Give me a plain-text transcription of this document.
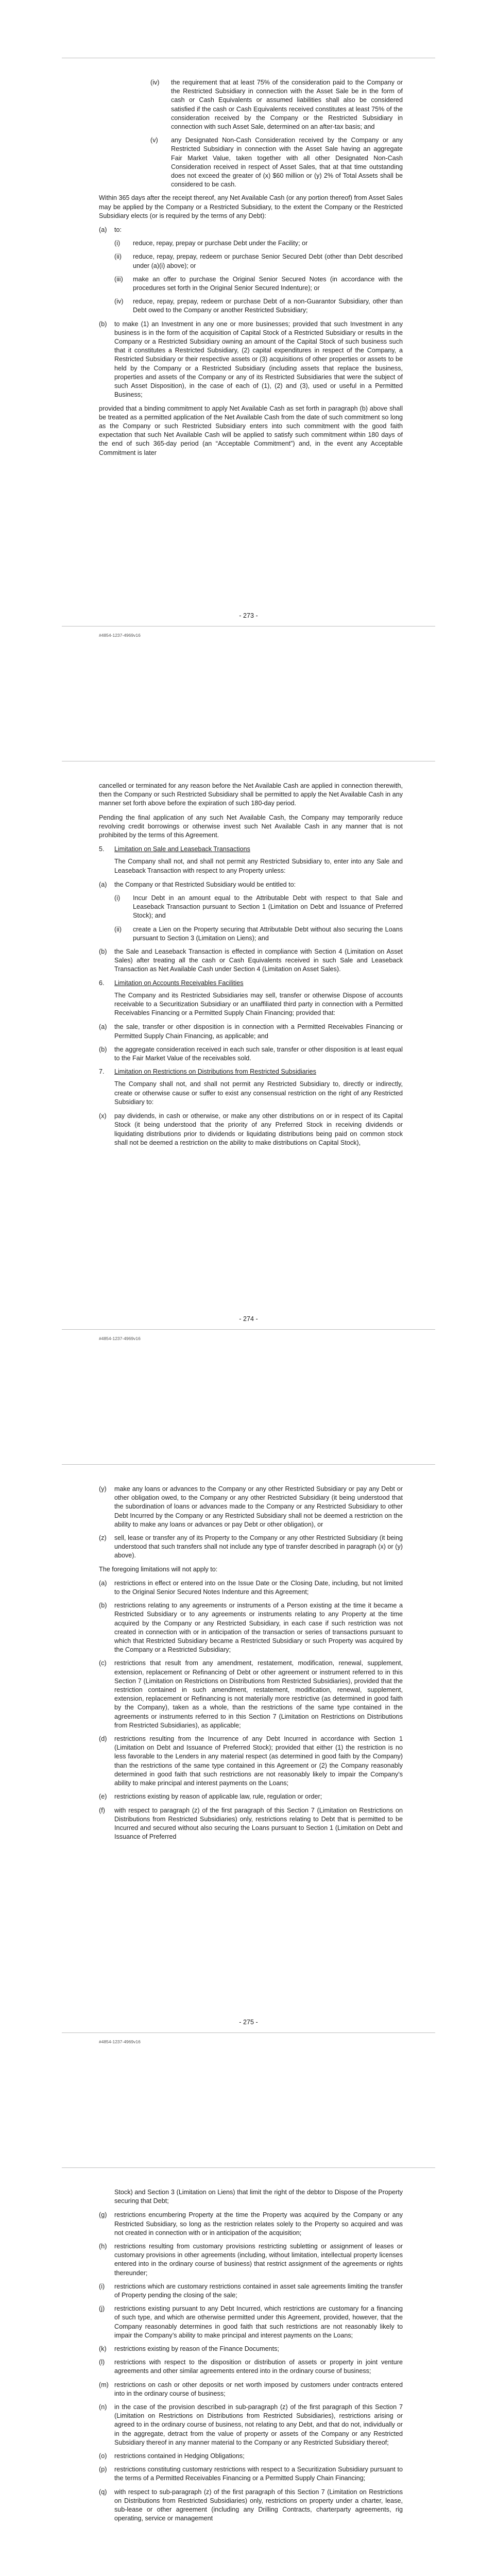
(iv)	the requirement that at least 75% of the consideration paid to the Company or the Restricted Subsidiary in connection with the Asset Sale be in the form of cash or Cash Equivalents or assumed liabilities shall also be considered satisfied if the cash or Cash Equivalents received constitutes at least 75% of the consideration received by the Company or the Restricted Subsidiary in connection with such Asset Sale, determined on an after-tax basis; and
(v)	any Designated Non-Cash Consideration received by the Company or any Restricted Subsidiary in connection with the Asset Sale having an aggregate Fair Market Value, taken together with all other Designated Non-Cash Consideration received in respect of Asset Sales, that at that time outstanding does not exceed the greater of (x) $60 million or (y) 2% of Total Assets shall be considered to be cash.

Within 365 days after the receipt thereof, any Net Available Cash (or any portion thereof) from Asset Sales may be applied by the Company or a Restricted Subsidiary, to the extent the Company or the Restricted Subsidiary elects (or is required by the terms of any Debt):

(a)	to:
(i)	reduce, repay, prepay or purchase Debt under the Facility; or
(ii)	reduce, repay, prepay, redeem or purchase Senior Secured Debt (other than Debt described under (a)(i) above); or
(iii)	make an offer to purchase the Original Senior Secured Notes (in accordance with the procedures set forth in the Original Senior Secured Indenture); or
(iv)	reduce, repay, prepay, redeem or purchase Debt of a non-Guarantor Subsidiary, other than Debt owed to the Company or another Restricted Subsidiary;
(b)	to make (1) an Investment in any one or more businesses; provided that such Investment in any business is in the form of the acquisition of Capital Stock of a Restricted Subsidiary or results in the Company or a Restricted Subsidiary owning an amount of the Capital Stock of such business such that it constitutes a Restricted Subsidiary, (2) capital expenditures in respect of the Company, a Restricted Subsidiary or their respective assets or (3) acquisitions of other properties or assets to be held by the Company or a Restricted Subsidiary (including assets that replace the business, properties and assets of the Company or any of its Restricted Subsidiaries that were the subject of such Asset Disposition), in the case of each of (1), (2) and (3), used or useful in a Permitted Business;

provided that a binding commitment to apply Net Available Cash as set forth in paragraph (b) above shall be treated as a permitted application of the Net Available Cash from the date of such commitment so long as the Company or such Restricted Subsidiary enters into such commitment with the good faith expectation that such Net Available Cash will be applied to satisfy such commitment within 180 days of the end of such 365-day period (an “Acceptable Commitment”) and, in the event any Acceptable Commitment is later

- 273 -
#4854-1237-4969v16

cancelled or terminated for any reason before the Net Available Cash are applied in connection therewith, then the Company or such Restricted Subsidiary shall be permitted to apply the Net Available Cash in any manner set forth above before the expiration of such 180-day period.

Pending the final application of any such Net Available Cash, the Company may temporarily reduce revolving credit borrowings or otherwise invest such Net Available Cash in any manner that is not prohibited by the terms of this Agreement.

5.	Limitation on Sale and Leaseback Transactions

The Company shall not, and shall not permit any Restricted Subsidiary to, enter into any Sale and Leaseback Transaction with respect to any Property unless:

(a)	the Company or that Restricted Subsidiary would be entitled to:
(i)	Incur Debt in an amount equal to the Attributable Debt with respect to that Sale and Leaseback Transaction pursuant to Section 1 (Limitation on Debt and Issuance of Preferred Stock); and
(ii)	create a Lien on the Property securing that Attributable Debt without also securing the Loans pursuant to Section 3 (Limitation on Liens); and
(b)	the Sale and Leaseback Transaction is effected in compliance with Section 4 (Limitation on Asset Sales) after treating all the cash or Cash Equivalents received in such Sale and Leaseback Transaction as Net Available Cash under Section 4 (Limitation on Asset Sales).
6.	Limitation on Accounts Receivables Facilities

The Company and its Restricted Subsidiaries may sell, transfer or otherwise Dispose of accounts receivable to a Securitization Subsidiary or an unaffiliated third party in connection with a Permitted Receivables Financing or a Permitted Supply Chain Financing; provided that:

(a)	the sale, transfer or other disposition is in connection with a Permitted Receivables Financing or Permitted Supply Chain Financing, as applicable; and
(b)	the aggregate consideration received in each such sale, transfer or other disposition is at least equal to the Fair Market Value of the receivables sold.
7.	Limitation on Restrictions on Distributions from Restricted Subsidiaries

The Company shall not, and shall not permit any Restricted Subsidiary to, directly or indirectly, create or otherwise cause or suffer to exist any consensual restriction on the right of any Restricted Subsidiary to:

(x)	pay dividends, in cash or otherwise, or make any other distributions on or in respect of its Capital Stock (it being understood that the priority of any Preferred Stock in receiving dividends or liquidating distributions prior to dividends or liquidating distributions being paid on common stock shall not be deemed a restriction on the ability to make distributions on Capital Stock),
- 274 -
#4854-1237-4969v16
(y)	make any loans or advances to the Company or any other Restricted Subsidiary or pay any Debt or other obligation owed, to the Company or any other Restricted Subsidiary (it being understood that the subordination of loans or advances made to the Company or any Restricted Subsidiary to other Debt Incurred by the Company or any Restricted Subsidiary shall not be deemed a restriction on the ability to make any loans or advances or pay Debt or other obligation), or
(z)	sell, lease or transfer any of its Property to the Company or any other Restricted Subsidiary (it being understood that such transfers shall not include any type of transfer described in paragraph (x) or (y) above).

The foregoing limitations will not apply to:

(a)	restrictions in effect or entered into on the Issue Date or the Closing Date, including, but not limited to the Original Senior Secured Notes Indenture and this Agreement;
(b)	restrictions relating to any agreements or instruments of a Person existing at the time it became a Restricted Subsidiary or to any agreements or instruments relating to any Property at the time acquired by the Company or any Restricted Subsidiary, in each case if such restriction was not created in connection with or in anticipation of the transaction or series of transactions pursuant to which that Restricted Subsidiary became a Restricted Subsidiary or such Property was acquired by the Company or a Restricted Subsidiary;
(c)	restrictions that result from any amendment, restatement, modification, renewal, supplement, extension, replacement or Refinancing of Debt or other agreement or instrument referred to in this Section 7 (Limitation on Restrictions on Distributions from Restricted Subsidiaries), provided that the restriction contained in such amendment, restatement, modification, renewal, supplement, extension, replacement or Refinancing is not materially more restrictive (as determined in good faith by the Company), taken as a whole, than the restrictions of the same type contained in the agreements or instruments referred to in this Section 7 (Limitation on Restrictions on Distributions from Restricted Subsidiaries), as applicable;
(d)	restrictions resulting from the Incurrence of any Debt Incurred in accordance with Section 1 (Limitation on Debt and Issuance of Preferred Stock); provided that either (1) the restriction is no less favorable to the Lenders in any material respect (as determined in good faith by the Company) than the restrictions of the same type contained in this Agreement or (2) the Company reasonably determined in good faith that such restrictions are not reasonably likely to impair the Company’s ability to make principal and interest payments on the Loans;
(e)	restrictions existing by reason of applicable law, rule, regulation or order;
(f)	with respect to paragraph (z) of the first paragraph of this Section 7 (Limitation on Restrictions on Distributions from Restricted Subsidiaries) only, restrictions relating to Debt that is permitted to be Incurred and secured without also securing the Loans pursuant to Section 1 (Limitation on Debt and Issuance of Preferred
- 275 -
#4854-1237-4969v16

Stock) and Section 3 (Limitation on Liens) that limit the right of the debtor to Dispose of the Property securing that Debt;

(g)	restrictions encumbering Property at the time the Property was acquired by the Company or any Restricted Subsidiary, so long as the restriction relates solely to the Property so acquired and was not created in connection with or in anticipation of the acquisition;
(h)	restrictions resulting from customary provisions restricting subletting or assignment of leases or customary provisions in other agreements (including, without limitation, intellectual property licenses entered into in the ordinary course of business) that restrict assignment of the agreements or rights thereunder;
(i)	restrictions which are customary restrictions contained in asset sale agreements limiting the transfer of Property pending the closing of the sale;
(j)	restrictions existing pursuant to any Debt Incurred, which restrictions are customary for a financing of such type, and which are otherwise permitted under this Agreement, provided, however, that the Company reasonably determines in good faith that such restrictions are not reasonably likely to impair the Company’s ability to make principal and interest payments on the Loans;
(k)	restrictions existing by reason of the Finance Documents;
(l)	restrictions with respect to the disposition or distribution of assets or property in joint venture agreements and other similar agreements entered into in the ordinary course of business;
(m) restrictions on cash or other deposits or net worth imposed by customers under contracts entered into in the ordinary course of business;
(n)	in the case of the provision described in sub-paragraph (z) of the first paragraph of this Section 7 (Limitation on Restrictions on Distributions from Restricted Subsidiaries), restrictions arising or agreed to in the ordinary course of business, not relating to any Debt, and that do not, individually or in the aggregate, detract from the value of property or assets of the Company or any Restricted Subsidiary thereof in any manner material to the Company or any Restricted Subsidiary thereof;
(o)	restrictions contained in Hedging Obligations;
(p)	restrictions constituting customary restrictions with respect to a Securitization Subsidiary pursuant to the terms of a Permitted Receivables Financing or a Permitted Supply Chain Financing;
(q)	with respect to sub-paragraph (z) of the first paragraph of this Section 7 (Limitation on Restrictions on Distributions from Restricted Subsidiaries) only, restrictions on property under a charter, lease, sub-lease or other agreement (including any Drilling Contracts, charterparty agreements, rig operating, service or management
